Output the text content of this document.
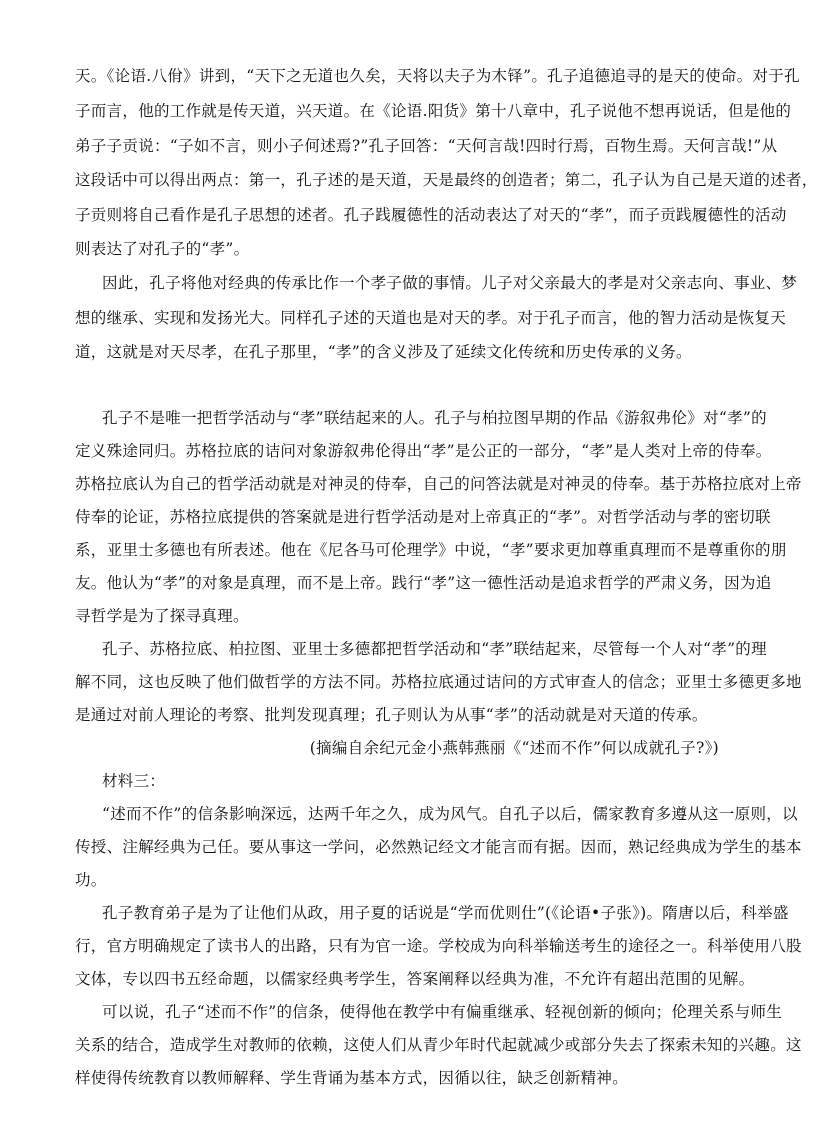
天。《论语.八佾》讲到，“天下之无道也久矣，天将以夫子为木铎”。孔子追德追寻的是天的使命。对于孔
子而言，他的工作就是传天道，兴天道。在《论语.阳货》第十八章中，孔子说他不想再说话，但是他的
弟子子贡说：“子如不言，则小子何述焉?”孔子回答：“天何言哉!四时行焉，百物生焉。天何言哉!”从
这段话中可以得出两点：第一，孔子述的是天道，天是最终的创造者；第二，孔子认为自己是天道的述者，
子贡则将自己看作是孔子思想的述者。孔子践履德性的活动表达了对天的“孝”，而子贡践履德性的活动
则表达了对孔子的“孝”。
因此，孔子将他对经典的传承比作一个孝子做的事情。儿子对父亲最大的孝是对父亲志向、事业、梦
想的继承、实现和发扬光大。同样孔子述的天道也是对天的孝。对于孔子而言，他的智力活动是恢复天
道，这就是对天尽孝，在孔子那里，“孝”的含义涉及了延续文化传统和历史传承的义务。
孔子不是唯一把哲学活动与“孝”联结起来的人。孔子与柏拉图早期的作品《游叙弗伦》对“孝”的
定义殊途同归。苏格拉底的诘问对象游叙弗伦得出“孝”是公正的一部分，“孝”是人类对上帝的侍奉。
苏格拉底认为自己的哲学活动就是对神灵的侍奉，自己的问答法就是对神灵的侍奉。基于苏格拉底对上帝
侍奉的论证，苏格拉底提供的答案就是进行哲学活动是对上帝真正的“孝”。对哲学活动与孝的密切联
系，亚里士多德也有所表述。他在《尼各马可伦理学》中说，“孝”要求更加尊重真理而不是尊重你的朋
友。他认为“孝”的对象是真理，而不是上帝。践行“孝”这一德性活动是追求哲学的严肃义务，因为追
寻哲学是为了探寻真理。
孔子、苏格拉底、柏拉图、亚里士多德都把哲学活动和“孝”联结起来，尽管每一个人对“孝”的理
解不同，这也反映了他们做哲学的方法不同。苏格拉底通过诘问的方式审查人的信念；亚里士多德更多地
是通过对前人理论的考察、批判发现真理；孔子则认为从事“孝”的活动就是对天道的传承。
(摘编自余纪元金小燕韩燕丽《“述而不作”何以成就孔子?》)
材料三：
“述而不作”的信条影响深远，达两千年之久，成为风气。自孔子以后，儒家教育多遵从这一原则，以
传授、注解经典为己任。要从事这一学问，必然熟记经文才能言而有据。因而，熟记经典成为学生的基本
功。
孔子教育弟子是为了让他们从政，用子夏的话说是“学而优则仕”(《论语•子张》)。隋唐以后，科举盛
行，官方明确规定了读书人的出路，只有为官一途。学校成为向科举输送考生的途径之一。科举使用八股
文体，专以四书五经命题，以儒家经典考学生，答案阐释以经典为准，不允许有超出范围的见解。
可以说，孔子“述而不作”的信条，使得他在教学中有偏重继承、轻视创新的倾向；伦理关系与师生
关系的结合，造成学生对教师的依赖，这使人们从青少年时代起就减少或部分失去了探索未知的兴趣。这
样使得传统教育以教师解释、学生背诵为基本方式，因循以往，缺乏创新精神。
